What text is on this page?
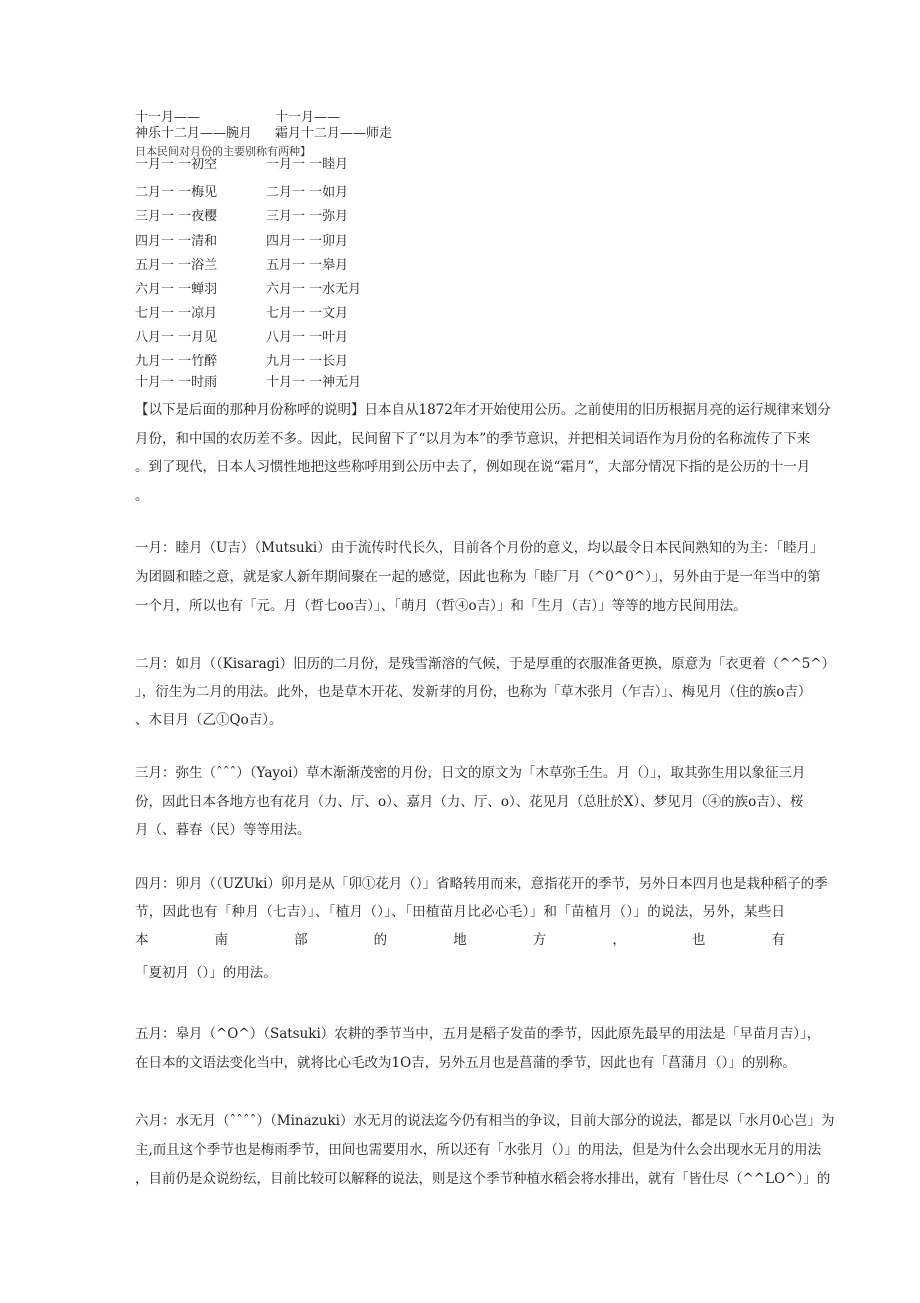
十一月——	十一月——
神乐十二月——腕月 霜月十二月——师走
日本民间对月份的主要别称有两种】
一月一 一初空	一月一 一睦月
二月一 一梅见	二月一 一如月
三月一 一夜樱	三月一 一弥月
四月一 一清和	四月一 一卯月
五月一 一浴兰	五月一 一皋月
六月一 一蝉羽	六月一 一水无月
七月一 一凉月	七月一 一文月
八月一 一月见	八月一 一叶月
九月一 一竹醉	九月一 一长月
十月一 一时雨	十月一 一神无月
【以下是后面的那种月份称呼的说明】日本自从1872年才开始使用公历。之前使用的旧历根据月亮的运行规律来划分
月份，和中国的农历差不多。因此，民间留下了“以月为本”的季节意识，并把相关词语作为月份的名称流传了下来
。到了现代，日本人习惯性地把这些称呼用到公历中去了，例如现在说“霜月”，大部分情况下指的是公历的十一月
。
一月：睦月（U吉）（Mutsuki）由于流传时代长久，目前各个月份的意义，均以最令日本民间熟知的为主：「睦月」
为团圆和睦之意，就是家人新年期间聚在一起的感觉，因此也称为「睦厂月（^0^0^）」，另外由于是一年当中的第
一个月，所以也有「元。月（哲七oo吉）」、「萌月（哲④o吉）」和「生月（吉）」等等的地方民间用法。
二月：如月（（Kisaragi）旧历的二月份，是残雪渐溶的气候，于是厚重的衣服准备更换，原意为「衣更着（^^5^）
」，衍生为二月的用法。此外，也是草木开花、发新芽的月份，也称为「草木张月（乍吉）」、梅见月（住的族o吉）
、木目月（乙①Qo吉）。
三月：弥生（ˆˆˆ）（Yayoi）草木渐渐茂密的月份，日文的原文为「木草弥壬生。月（）」，取其弥生用以象征三月
份，因此日本各地方也有花月（力、厅、o）、嘉月（力、厅、o）、花见月（总肚於X）、梦见月（④的族o吉）、桜
月（、暮春（民）等等用法。
四月：卯月（（UZUki）卯月是从「卯①花月（）」省略转用而来，意指花开的季节，另外日本四月也是栽种稻子的季
节，因此也有「种月（七吉）」、「植月（）」、「田植苗月比必心毛）」和「苗植月（）」的说法，另外，某些日
本南部的地方，也有
「夏初月（）」的用法。
五月：皋月（^O^）（Satsuki）农耕的季节当中，五月是稻子发苗的季节，因此原先最早的用法是「早苗月吉）」，
在日本的文语法变化当中，就将比心毛改为1O吉，另外五月也是菖蒲的季节，因此也有「菖蒲月（）」的别称。
六月：水无月（ˆˆˆˆ）（Minazuki）水无月的说法迄今仍有相当的争议，目前大部分的说法，都是以「水月0心岂」为
主,而且这个季节也是梅雨季节，田间也需要用水，所以还有「水张月（）」的用法，但是为什么会出现水无月的用法
，目前仍是众说纷纭，目前比较可以解释的说法，则是这个季节种植水稻会将水排出，就有「皆仕尽（^^LO^）」的
